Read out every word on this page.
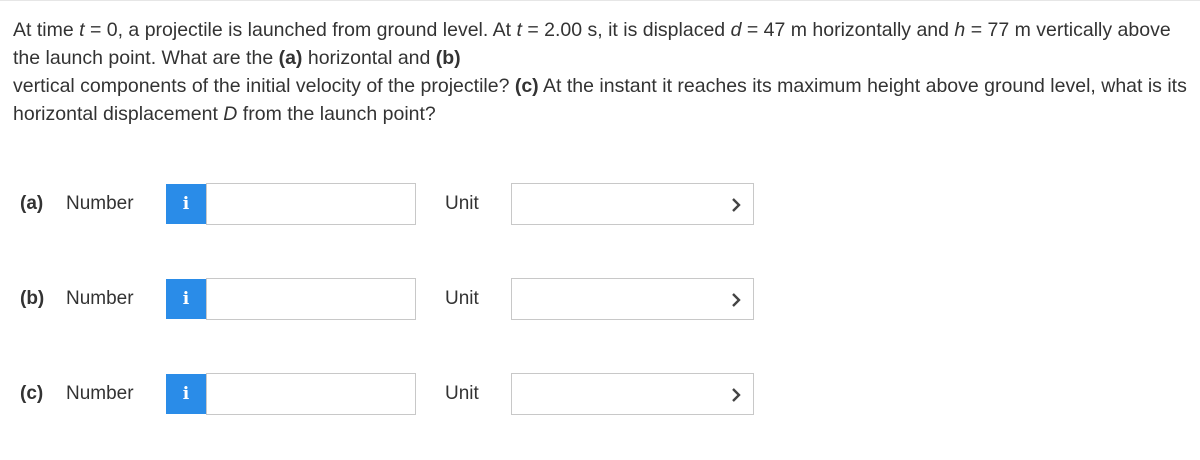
At time t = 0, a projectile is launched from ground level. At t = 2.00 s, it is displaced d = 47 m horizontally and h = 77 m vertically above the launch point. What are the (a) horizontal and (b)
vertical components of the initial velocity of the projectile? (c) At the instant it reaches its maximum height above ground level, what is its horizontal displacement D from the launch point?

(a) Number	i	Unit
(b) Number	i	Unit
(c) Number	i	Unit
